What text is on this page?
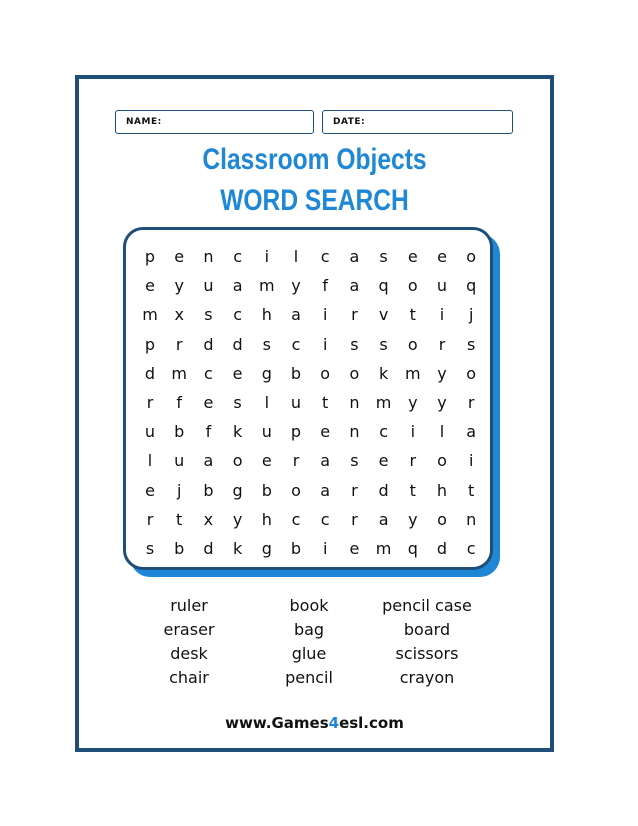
NAME:	DATE:
Classroom Objects
WORD SEARCH
p	e	n	c	i	l	c	a	s	e	e	o
e	y	u	a	m	y	f	a	q	o	u	q
m	x	s	c	h	a	i	r	v	t	i	j
p	r	d	d	s	c	i	s	s	o	r	s
d	m	c	e	g	b	o	o	k	m	y	o
r	f	e	s	l	u	t	n	m	y	y	r
u	b	f	k	u	p	e	n	c	i	l	a
l	u	a	o	e	r	a	s	e	r	o	i
e	j	b	g	b	o	a	r	d	t	h	t
r	t	x	y	h	c	c	r	a	y	o	n
s	b	d	k	g	b	i	e	m	q	d	c
ruler	book	pencil case
eraser	bag	board
desk	glue	scissors
chair	pencil	crayon
www.Games4esl.com
